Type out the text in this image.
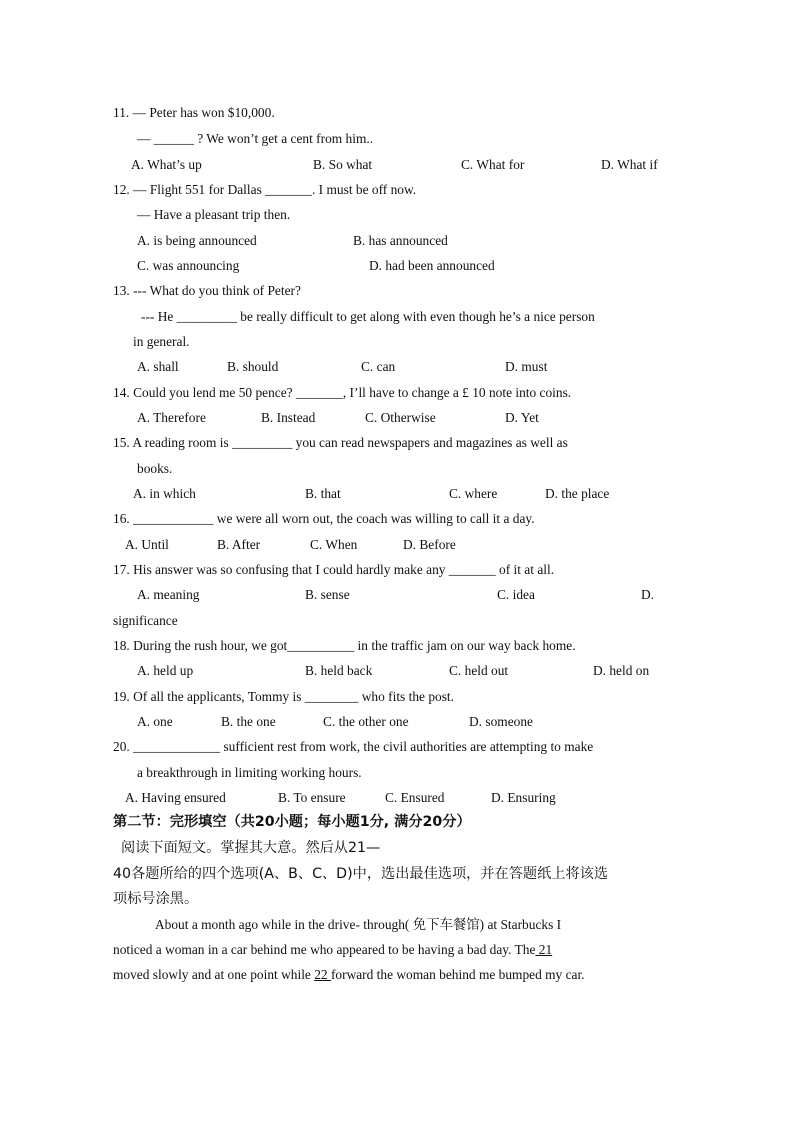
11. — Peter has won $10,000.
— ______ ? We won’t get a cent from him..
A. What’s up	B. So what	C. What for	D. What if
12. — Flight 551 for Dallas _______. I must be off now.
— Have a pleasant trip then.
A. is being announced	B. has announced
C. was announcing	D. had been announced
13. --- What do you think of Peter?
--- He _________ be really difficult to get along with even though he’s a nice person
in general.
A. shall	B. should	C. can	D. must
14. Could you lend me 50 pence? _______, I’ll have to change a £ 10 note into coins.
A. Therefore	B. Instead	C. Otherwise	D. Yet
15. A reading room is _________ you can read newspapers and magazines as well as
books.
A. in which	B. that	C. where	D. the place
16. ____________ we were all worn out, the coach was willing to call it a day.
A. Until	B. After	C. When	D. Before
17. His answer was so confusing that I could hardly make any _______ of it at all.
A. meaning	B. sense	C. idea	D.
significance
18. During the rush hour, we got__________ in the traffic jam on our way back home.
A. held up	B. held back	C. held out	D. held on
19. Of all the applicants, Tommy is ________ who fits the post.
A. one	B. the one	C. the other one	D. someone
20. _____________ sufficient rest from work, the civil authorities are attempting to make
a breakthrough in limiting working hours.
A. Having ensured	B. To ensure	C. Ensured	D. Ensuring
第二节：完形填空（共20小题；每小题1分, 满分20分）
阅读下面短文。掌握其大意。然后从21—
40各题所给的四个选项(A、B、C、D)中，选出最佳选项，并在答题纸上将该选
项标号涂黑。
About a month ago while in the drive- through( 免下车餐馆) at Starbucks I
noticed a woman in a car behind me who appeared to be having a bad day. The 21
moved slowly and at one point while 22 forward the woman behind me bumped my car.
